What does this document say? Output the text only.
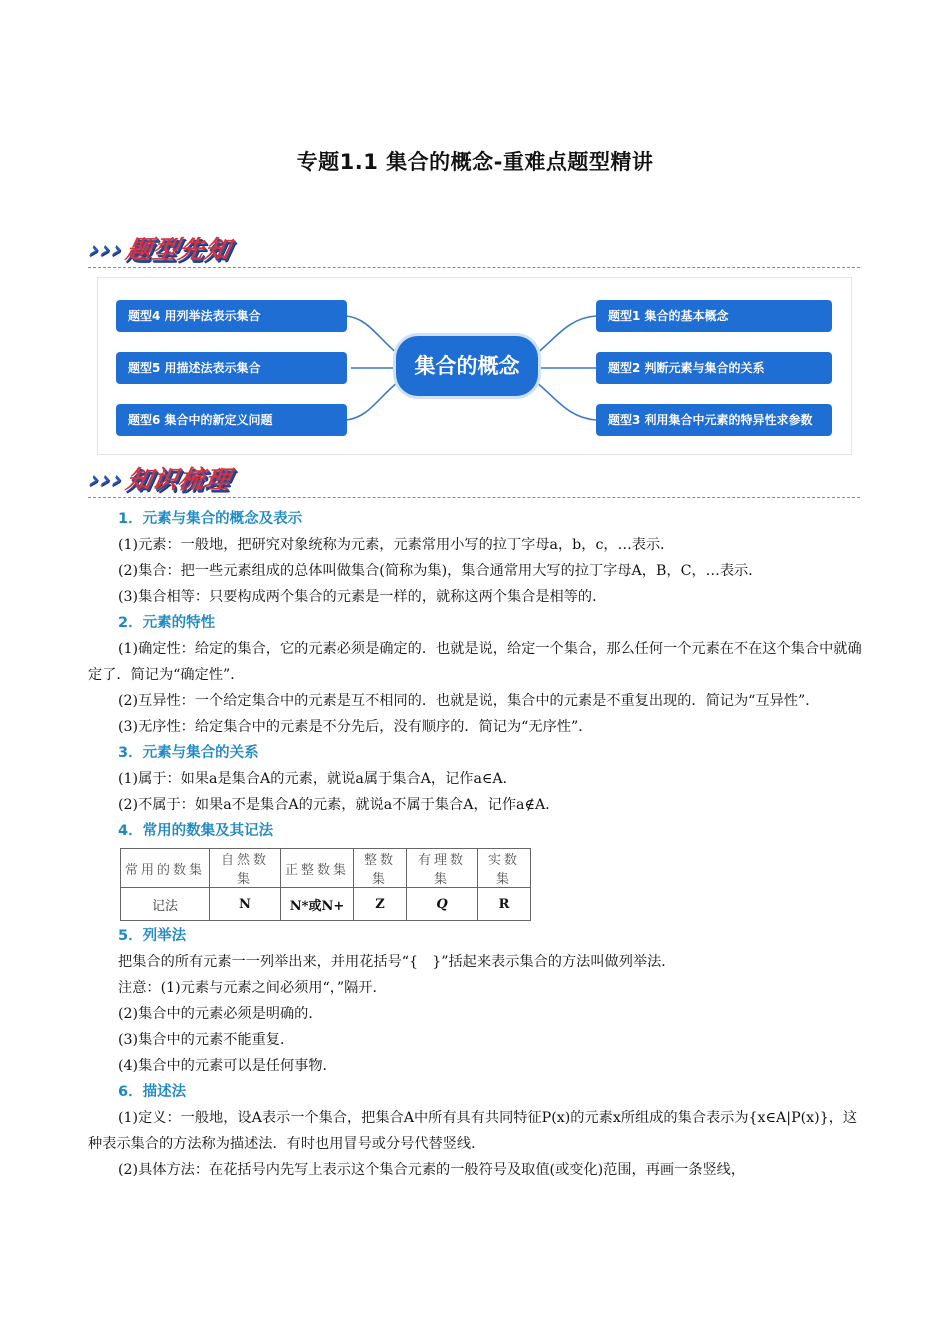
专题1.1 集合的概念-重难点题型精讲
›››题型先知
题型4 用列举法表示集合
题型5 用描述法表示集合
题型6 集合中的新定义问题
集合的概念
题型1 集合的基本概念
题型2 判断元素与集合的关系
题型3 利用集合中元素的特异性求参数
›››知识梳理
1．元素与集合的概念及表示
(1)元素：一般地，把研究对象统称为元素，元素常用小写的拉丁字母a，b，c，…表示．
(2)集合：把一些元素组成的总体叫做集合(简称为集)，集合通常用大写的拉丁字母A，B，C，…表示．
(3)集合相等：只要构成两个集合的元素是一样的，就称这两个集合是相等的．
2．元素的特性
(1)确定性：给定的集合，它的元素必须是确定的．也就是说，给定一个集合，那么任何一个元素在不在这个集合中就确定了．简记为“确定性”．
(2)互异性：一个给定集合中的元素是互不相同的．也就是说，集合中的元素是不重复出现的．简记为“互异性”．
(3)无序性：给定集合中的元素是不分先后，没有顺序的．简记为“无序性”．
3．元素与集合的关系
(1)属于：如果a是集合A的元素，就说a属于集合A，记作a∈A．
(2)不属于：如果a不是集合A的元素，就说a不属于集合A，记作a∉A．
4．常用的数集及其记法
常用的数集	自然数集	正整数集	整数集	有理数集	实数集
记法	N	N*或N+	Z	Q	R
5．列举法
把集合的所有元素一一列举出来，并用花括号“{　}”括起来表示集合的方法叫做列举法．
注意：(1)元素与元素之间必须用“，”隔开．
(2)集合中的元素必须是明确的．
(3)集合中的元素不能重复．
(4)集合中的元素可以是任何事物．
6．描述法
(1)定义：一般地，设A表示一个集合，把集合A中所有具有共同特征P(x)的元素x所组成的集合表示为{x∈A|P(x)}，这种表示集合的方法称为描述法．有时也用冒号或分号代替竖线．
(2)具体方法：在花括号内先写上表示这个集合元素的一般符号及取值(或变化)范围，再画一条竖线，
